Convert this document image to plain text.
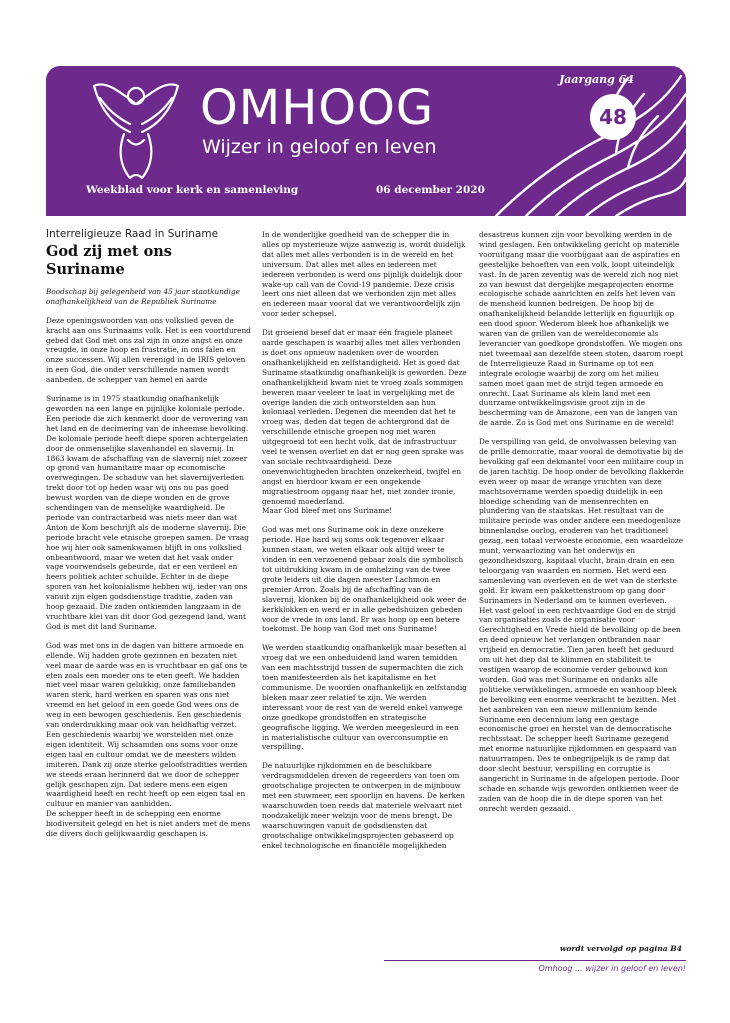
OMHOOG
Wijzer in geloof en leven
Jaargang 64
48
Weekblad voor kerk en samenleving	06 december 2020
Interreligieuze Raad in Suriname
God zij met ons Suriname

Boodschap bij gelegenheid van 45 jaar staatkundige onafhankelijkheid van de Republiek Suriname

Deze openingswoorden van ons volkslied geven de kracht aan ons Surinaams volk. Het is een voortdurend gebed dat God met ons zal zijn in onze angst en onze vreugde, in onze hoop en frustratie, in ons falen en onze successen. Wij allen verenigd in de IRIS geloven in een God, die onder verschillende namen wordt aanbeden, de schepper van hemel en aarde

Suriname is in 1975 staatkundig onafhankelijk geworden na een lange en pijnlijke koloniale periode. Een periode die zich kenmerkt door de verovering van het land en de decimering van de inheemse bevolking. De koloniale periode heeft diepe sporen achtergelaten door de onmenselijke slavenhandel en slavernij. In 1863 kwam de afschaffing van de slavernij niet zozeer op grond van humanitaire maar op economische overwegingen. De schaduw van het slavernijverleden trekt door tot op heden waar wij ons nu pas goed bewust worden van de diepe wonden en de grove schendingen van de menselijke waardigheid. De periode van contractarbeid was niets meer dan wat Anton de Kom beschrijft als de moderne slavernij. Die periode bracht vele etnische groepen samen. De vraag hoe wij hier ook samenkwamen blijft in ons volkslied onbeantwoord, maar we weten dat het vaak onder vage voorwendsels gebeurde, dat er een verdeel en heers politiek achter schuilde. Echter in de diepe sporen van het kolonialisme hebben wij, ieder van ons vanuit zijn eigen godsdienstige traditie, zaden van hoop gezaaid. Die zaden ontkiemden langzaam in de vruchtbare klei van dit door God gezegend land, want God is met dit land Suriname.

God was met ons in de dagen van bittere armoede en ellende. Wij hadden grote gezinnen en bezaten niet veel maar de aarde was en is vruchtbaar en gaf ons te eten zoals een moeder ons te eten geeft. We hadden niet veel maar waren gelukkig, onze familiebanden waren sterk, hard werken en sparen was ons niet vreemd en het geloof in een goede God wees ons de weg in een bewogen geschiedenis. Een geschiedenis van onderdrukking maar ook van heldhaftig verzet. Een geschiedenis waarbij we worstelden met onze eigen identiteit. Wij schaamden ons soms voor onze eigen taal en cultuur omdat we de meesters wilden imiteren. Dank zij onze sterke geloofstradities werden we steeds eraan herinnerd dat we door de schepper gelijk geschapen zijn. Dat iedere mens een eigen waardigheid heeft en recht heeft op een eigen taal en cultuur en manier van aanbidden.

De schepper heeft in de schepping een enorme biodiversiteit gelegd en het is niet anders met de mens die divers doch gelijkwaardig geschapen is.

In de wonderlijke goedheid van de schepper die in alles op mysterieuze wijze aanwezig is, wordt duidelijk dat alles met alles verbonden is in de wereld en het universum. Dat alles met alles en iedereen met iedereen verbonden is werd ons pijnlijk duidelijk door wake-up call van de Covid-19 pandemie. Deze crisis leert ons niet alleen dat we verbonden zijn met alles en iedereen maar vooral dat we verantwoordelijk zijn voor ieder schepsel.

Dit groeiend besef dat er maar één fragiele planeet aarde geschapen is waarbij alles met alles verbonden is doet ons opnieuw nadenken over de woorden onafhankelijkheid en zelfstandigheid. Het is goed dat Suriname staatkundig onafhankelijk is geworden. Deze onafhankelijkheid kwam niet te vroeg zoals sommigen beweren maar veeleer te laat in vergelijking met de overige landen die zich ontworstelden aan hun koloniaal verleden. Degenen die meenden dat het te vroeg was, deden dat tegen de achtergrond dat de verschillende etnische groepen nog niet waren uitgegroeid tot een hecht volk, dat de infrastructuur veel te wensen overliet en dat er nog geen sprake was van sociale rechtvaardigheid. Deze onevenwichtigheden brachten onzekerheid, twijfel en angst en hierdoor kwam er een ongekende migratiestroom opgang naar het, niet zonder ironie, genoemd moederland.

Maar God bleef met ons Suriname!

God was met ons Suriname ook in deze onzekere periode. Hoe hard wij soms ook tegenover elkaar kunnen staan, we weten elkaar ook altijd weer te vinden in een verzoenend gebaar zoals die symbolisch tot uitdrukking kwam in de omhelzing van de twee grote leiders uit die dagen meester Lachmon en premier Arron. Zoals bij de afschaffing van de slavernij, klonken bij de onafhankelijkheid ook weer de kerkklokken en werd er in alle gebedshuizen gebeden voor de vrede in ons land. Er was hoop op een betere toekomst. De hoop van God met ons Suriname!

We werden staatkundig onafhankelijk maar beseften al vroeg dat we een onbeduidend land waren temidden van een machtsstrijd tussen de supermachten die zich toen manifesteerden als het kapitalisme en het communisme. De woorden onafhankelijk en zelfstandig bleken maar zeer relatief te zijn. We werden interessant voor de rest van de wereld enkel vanwege onze goedkope grondstoffen en strategische geografische ligging. We werden meegesleurd in een in materialistische cultuur van overconsumptie en verspilling.

De natuurlijke rijkdommen en de beschikbare verdragsmiddelen dreven de regeerders van toen om grootschalige projecten te ontwerpen in de mijnbouw met een stuwmeer, een spoorlijn en havens. De kerken waarschuwden toen reeds dat materiele welvaart niet noodzakelijk meer welzijn voor de mens brengt. De waarschuwingen vanuit de godsdiensten dat grootschalige ontwikkelingsprojecten gebaseerd op enkel technologische en financiële mogelijkheden

desastreus kunnen zijn voor bevolking werden in de wind geslagen. Een ontwikkeling gericht op materiële vooruitgang maar die voorbijgaat aan de aspiraties en geestelijke behoeften van een volk, loopt uiteindelijk vast. In de jaren zeventig was de wereld zich nog niet zo van bewust dat dergelijke megaprojecten enorme ecologische schade aanrichten en zelfs het leven van de mensheid kunnen bedreigen. De hoop bij de onafhankelijkheid belandde letterlijk en figuurlijk op een dood spoor. Wederom bleek hoe afhankelijk we waren van de grillen van de wereldeconomie als leverancier van goedkope grondstoffen. We mogen ons niet tweemaal aan dezelfde steen stoten, daarom roept de Interreligieuze Raad in Suriname op tot een integrale ecologie waarbij de zorg om het milieu samen moet gaan met de strijd tegen armoede en onrecht. Laat Suriname als klein land met een duurzame ontwikkelingsvisie groot zijn in de bescherming van de Amazone, een van de langen van de aarde. Zo is God met ons Suriname en de wereld!

De verspilling van geld, de onvolwassen beleving van de prille democratie, maar vooral de demotivatie bij de bevolking gaf een dekmantel voor een militaire coup in de jaren tachtig. De hoop onder de bevolking flakkerde even weer op maar de wrange vruchten van deze machtsovername werden spoedig duidelijk in een bloedige schending van de mensenrechten en plundering van de staatskas. Het resultaat van de militaire periode was onder andere een meedogenloze binnenlandse oorlog, eroderen van het traditioneel gezag, een totaal verwoeste economie, een waardeloze munt, verwaarlozing van het onderwijs en gezondheidszorg, kapitaal vlucht, brain drain en een teloorgang van waarden en normen. Het werd een samenleving van overleven en de wet van de sterkste gold. Er kwam een pakkettenstroom op gang door Surinamers in Nederland om te kunnen overleven.

Het vast geloof in een rechtvaardige God en de strijd van organisaties zoals de organisatie voor Gerechtigheid en Vrede hield de bevolking op de been en deed opnieuw het verlangen ontbranden naar vrijheid en democratie. Tien jaren heeft het geduurd om uit het diep dal te klimmen en stabiliteit te vestigen waarop de economie verder gebouwd kon worden. God was met Suriname en ondanks alle politieke verwikkelingen, armoede en wanhoop bleek de bevolking een enorme veerkracht te bezitten. Met het aanbreken van een nieuw millennium kende Suriname een decennium lang een gestage economische groei en herstel van de democratische rechtsstaat. De schepper heeft Suriname gezegend met enorme natuurlijke rijkdommen en gespaard van natuurrampen. Des te onbegrijpelijk is de ramp dat door slecht bestuur, verspilling en corruptie is aangericht in Suriname in de afgelopen periode. Door schade en schande wijs geworden ontkiemen weer de zaden van de hoop die in de diepe sporen van het onrecht werden gezaaid.

wordt vervolgd op pagina B4
Omhoog ... wijzer in geloof en leven!
